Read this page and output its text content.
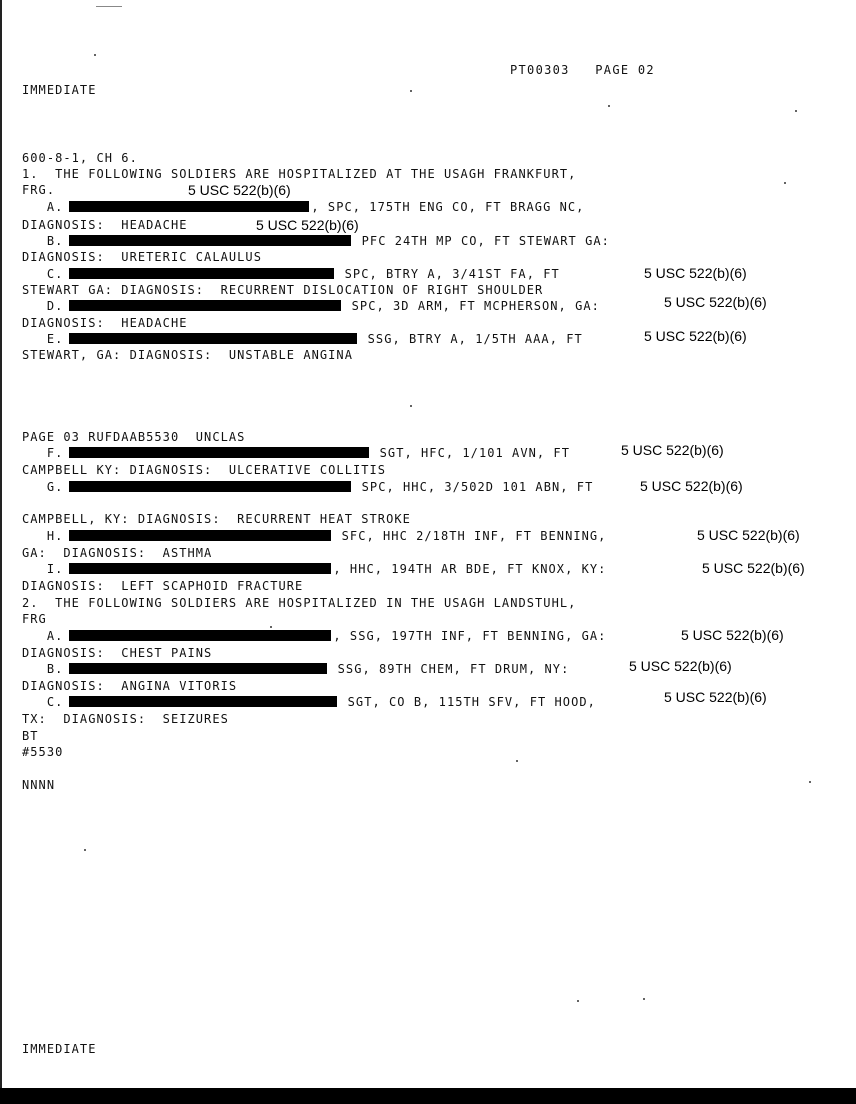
PT00303 PAGE 02
IMMEDIATE
600-8-1, CH 6.
1.  THE FOLLOWING SOLDIERS ARE HOSPITALIZED AT THE USAGH FRANKFURT,
FRG.
A.	, SPC, 175TH ENG CO, FT BRAGG NC,
DIAGNOSIS:  HEADACHE
B.	PFC 24TH MP CO, FT STEWART GA:
DIAGNOSIS:  URETERIC CALAULUS
C.	SPC, BTRY A, 3/41ST FA, FT
STEWART GA: DIAGNOSIS:  RECURRENT DISLOCATION OF RIGHT SHOULDER
D.	SPC, 3D ARM, FT MCPHERSON, GA:
DIAGNOSIS:  HEADACHE
E.	SSG, BTRY A, 1/5TH AAA, FT
STEWART, GA: DIAGNOSIS:  UNSTABLE ANGINA
PAGE 03 RUFDAAB5530  UNCLAS
F.	SGT, HFC, 1/101 AVN, FT
CAMPBELL KY: DIAGNOSIS:  ULCERATIVE COLLITIS
G.	SPC, HHC, 3/502D 101 ABN, FT
CAMPBELL, KY: DIAGNOSIS:  RECURRENT HEAT STROKE
H.	SFC, HHC 2/18TH INF, FT BENNING,
GA:  DIAGNOSIS:  ASTHMA
I.	, HHC, 194TH AR BDE, FT KNOX, KY:
DIAGNOSIS:  LEFT SCAPHOID FRACTURE
2.  THE FOLLOWING SOLDIERS ARE HOSPITALIZED IN THE USAGH LANDSTUHL,
FRG
A.	, SSG, 197TH INF, FT BENNING, GA:
DIAGNOSIS:  CHEST PAINS
B.	SSG, 89TH CHEM, FT DRUM, NY:
DIAGNOSIS:  ANGINA VITORIS
C.	SGT, CO B, 115TH SFV, FT HOOD,
TX:  DIAGNOSIS:  SEIZURES
BT
#5530
NNNN
IMMEDIATE
5 USC 522(b)(6)
5 USC 522(b)(6)
5 USC 522(b)(6)
5 USC 522(b)(6)
5 USC 522(b)(6)
5 USC 522(b)(6)
5 USC 522(b)(6)
5 USC 522(b)(6)
5 USC 522(b)(6)
5 USC 522(b)(6)
5 USC 522(b)(6)
5 USC 522(b)(6)
